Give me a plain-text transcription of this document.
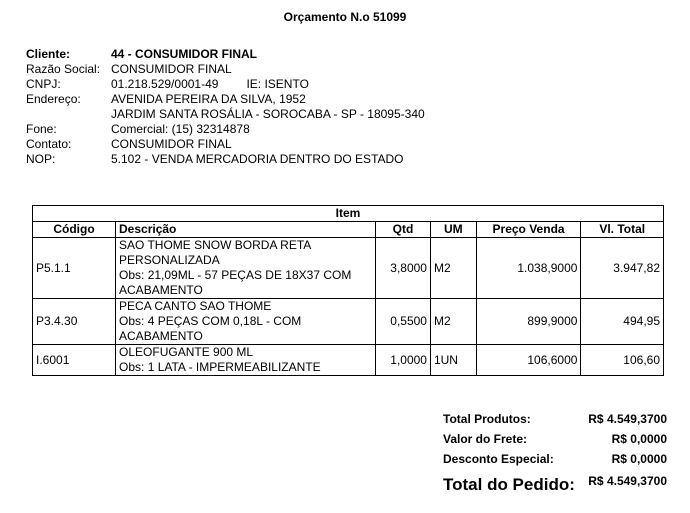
Orçamento N.o 51099
Cliente:	44 - CONSUMIDOR FINAL
Razão Social: CONSUMIDOR FINAL
CNPJ:	01.218.529/0001-49 IE: ISENTO
Endereço:	AVENIDA PEREIRA DA SILVA, 1952
JARDIM SANTA ROSÁLIA - SOROCABA - SP - 18095-340
Fone:	Comercial: (15) 32314878
Contato:	CONSUMIDOR FINAL
NOP:	5.102 - VENDA MERCADORIA DENTRO DO ESTADO
Item					
Código	Descrição	Qtd	UM	Preço Venda	Vl. Total
P5.1.1	SAO THOME SNOW BORDA RETA
PERSONALIZADA
Obs: 21,09ML - 57 PEÇAS DE 18X37 COM
ACABAMENTO	3,8000	M2	1.038,9000	3.947,82
P3.4.30	PECA CANTO SAO THOME
Obs: 4 PEÇAS COM 0,18L - COM
ACABAMENTO	0,5500	M2	899,9000	494,95
I.6001	OLEOFUGANTE 900 ML
Obs: 1 LATA - IMPERMEABILIZANTE	1,0000	1UN	106,6000	106,60
Total Produtos:	R$ 4.549,3700
Valor do Frete:	R$ 0,0000
Desconto Especial:	R$ 0,0000
Total do Pedido: R$ 4.549,3700
